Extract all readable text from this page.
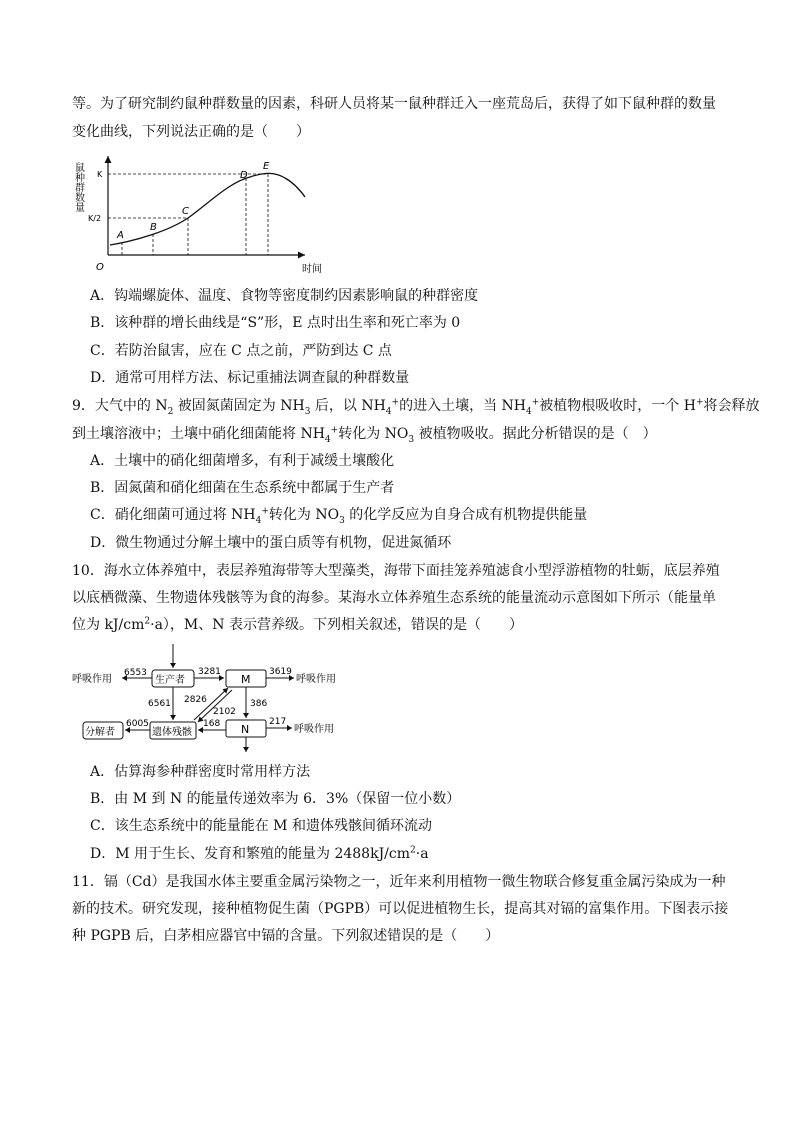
等。为了研究制约鼠种群数量的因素，科研人员将某一鼠种群迁入一座荒岛后，获得了如下鼠种群的数量
变化曲线，下列说法正确的是（　　）
鼠种群数量
时间
O
K
K/2
A
B
C
D
E
A．钩端螺旋体、温度、食物等密度制约因素影响鼠的种群密度
B．该种群的增长曲线是“S”形，E 点时出生率和死亡率为 0
C．若防治鼠害，应在 C 点之前，严防到达 C 点
D．通常可用样方法、标记重捕法调查鼠的种群数量
9．大气中的 $N_2$ 被固氮菌固定为 $NH_3$ 后，以 $NH_4^+$的进入土壤，当 $NH_4^+$被植物根吸收时，一个 H+将会释放
到土壤溶液中；土壤中硝化细菌能将 $NH_4^+$转化为 $NO_3$ 被植物吸收。据此分析错误的是（　）
A．土壤中的硝化细菌增多，有利于减缓土壤酸化
B．固氮菌和硝化细菌在生态系统中都属于生产者
C．硝化细菌可通过将 $NH_4^+$转化为 $NO_3$ 的化学反应为自身合成有机物提供能量
D．微生物通过分解土壤中的蛋白质等有机物，促进氮循环
10．海水立体养殖中，表层养殖海带等大型藻类，海带下面挂笼养殖滤食小型浮游植物的牡蛎，底层养殖
以底栖微藻、生物遗体残骸等为食的海参。某海水立体养殖生态系统的能量流动示意图如下所示（能量单
位为 $kJ/cm^2\cdot a$），M、N 表示营养级。下列相关叙述，错误的是（　　）
生产者	M
N
遗体残骸
分解者
6553
呼吸作用
3281	3619
呼吸作用
6561 2826
2102
386
168
6005	217
呼吸作用
A．估算海参种群密度时常用样方法
B．由 M 到 N 的能量传递效率为 6．3%（保留一位小数）
C．该生态系统中的能量能在 M 和遗体残骸间循环流动
D．M 用于生长、发育和繁殖的能量为 $2488kJ/cm^2\cdot a$
11．镉（Cd）是我国水体主要重金属污染物之一，近年来利用植物一微生物联合修复重金属污染成为一种
新的技术。研究发现，接种植物促生菌（PGPB）可以促进植物生长，提高其对镉的富集作用。下图表示接
种 PGPB 后，白茅相应器官中镉的含量。下列叙述错误的是（　　）
